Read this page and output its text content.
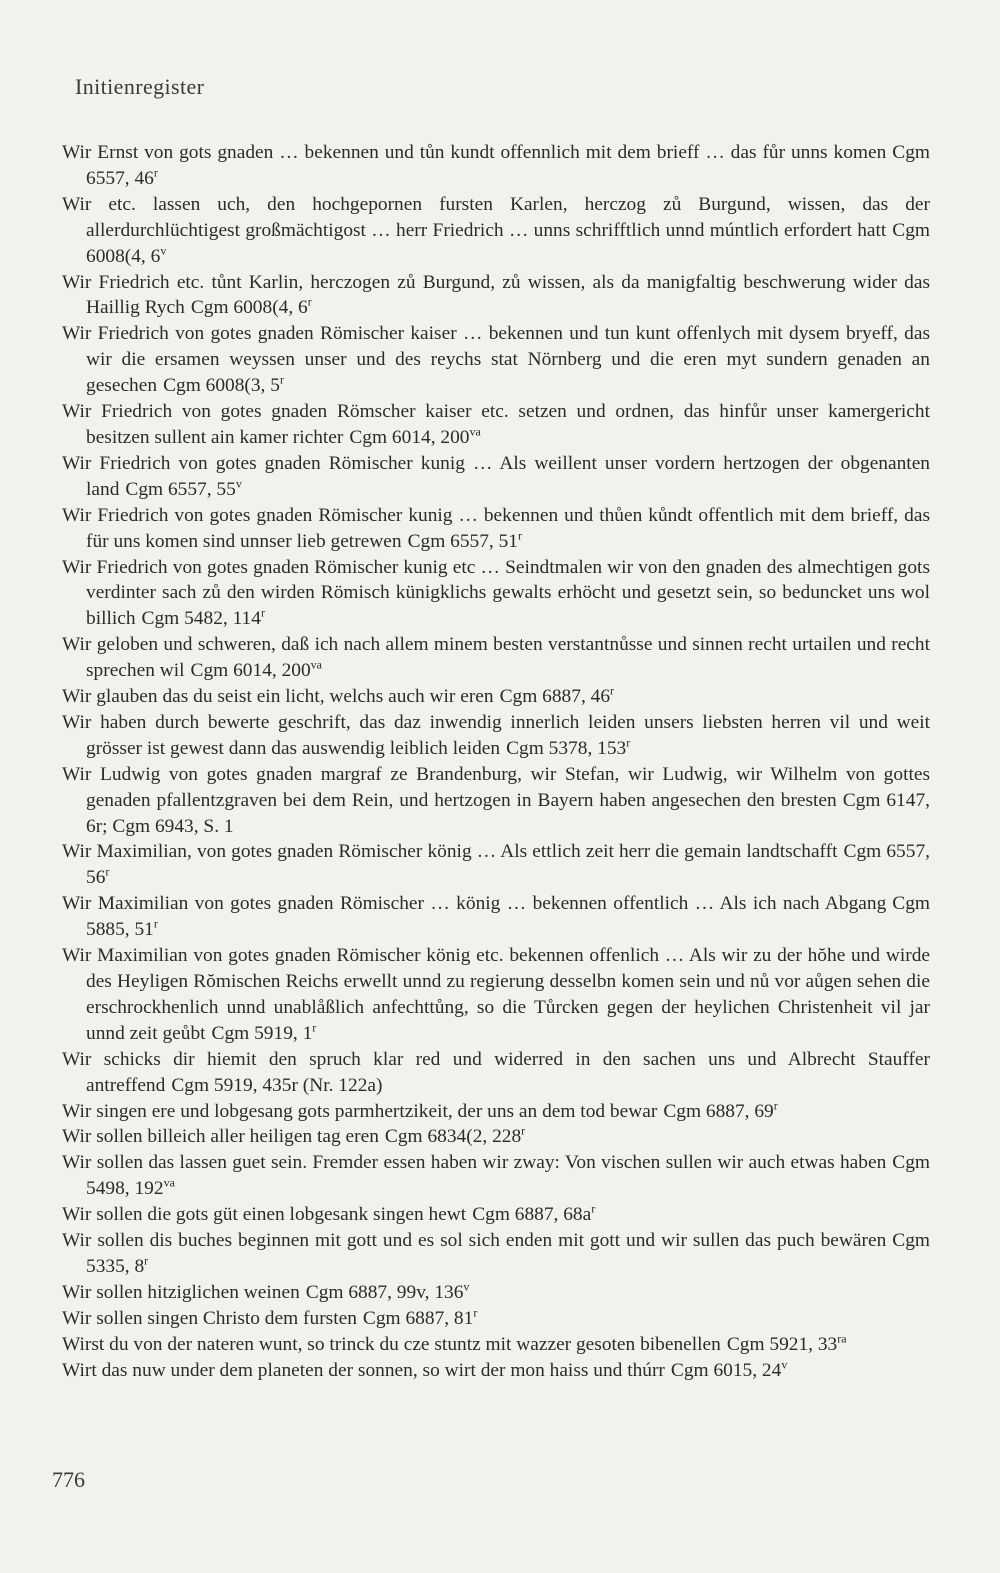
Initienregister

Wir Ernst von gots gnaden … bekennen und tůn kundt offennlich mit dem brieff … das fůr unns komen Cgm 6557, 46$^r$

Wir etc. lassen uch, den hochgepornen fursten Karlen, herczog zů Burgund, wissen, das der allerdurchlüchtigest großmächtigost … herr Friedrich … unns schrifftlich unnd múntlich erfordert hatt Cgm 6008(4, 6$^v$

Wir Friedrich etc. tůnt Karlin, herczogen zů Burgund, zů wissen, als da manigfaltig beschwerung wider das Haillig Rych Cgm 6008(4, 6$^r$

Wir Friedrich von gotes gnaden Römischer kaiser … bekennen und tun kunt offenlych mit dysem bryeff, das wir die ersamen weyssen unser und des reychs stat Nörnberg und die eren myt sundern genaden an gesechen Cgm 6008(3, 5$^r$

Wir Friedrich von gotes gnaden Römscher kaiser etc. setzen und ordnen, das hinfůr unser kamergericht besitzen sullent ain kamer richter Cgm 6014, $200^{va}$

Wir Friedrich von gotes gnaden Römischer kunig … Als weillent unser vordern hertzogen der obgenanten land Cgm 6557, 55$^v$

Wir Friedrich von gotes gnaden Römischer kunig … bekennen und thůen kůndt offentlich mit dem brieff, das für uns komen sind unnser lieb getrewen Cgm 6557, 51$^r$

Wir Friedrich von gotes gnaden Römischer kunig etc … Seindtmalen wir von den gnaden des almechtigen gots verdinter sach zů den wirden Römisch künigklichs gewalts erhöcht und gesetzt sein, so beduncket uns wol billich Cgm 5482, 114$^r$

Wir geloben und schweren, daß ich nach allem minem besten verstantnůsse und sinnen recht urtailen und recht sprechen wil Cgm 6014, $200^{va}$

Wir glauben das du seist ein licht, welchs auch wir eren Cgm 6887, 46$^r$

Wir haben durch bewerte geschrift, das daz inwendig innerlich leiden unsers liebsten herren vil und weit grösser ist gewest dann das auswendig leiblich leiden Cgm 5378, 153$^r$

Wir Ludwig von gotes gnaden margraf ze Brandenburg, wir Stefan, wir Ludwig, wir Wilhelm von gottes genaden pfallentzgraven bei dem Rein, und hertzogen in Bayern haben angesechen den bresten Cgm 6147, 6r; Cgm 6943, S. 1

Wir Maximilian, von gotes gnaden Römischer könig … Als ettlich zeit herr die gemain landtschafft Cgm 6557, 56$^r$

Wir Maximilian von gotes gnaden Römischer … könig … bekennen offentlich … Als ich nach Abgang Cgm 5885, 51$^r$

Wir Maximilian von gotes gnaden Römischer könig etc. bekennen offenlich … Als wir zu der hŏhe und wirde des Heyligen Rŏmischen Reichs erwellt unnd zu regierung desselbn komen sein und nů vor aůgen sehen die erschrockhenlich unnd unablåßlich anfechttůng, so die Tůrcken gegen der heylichen Christenheit vil jar unnd zeit geůbt Cgm 5919, 1$^r$

Wir schicks dir hiemit den spruch klar red und widerred in den sachen uns und Albrecht Stauffer antreffend Cgm 5919, 435r (Nr. 122a)

Wir singen ere und lobgesang gots parmhertzikeit, der uns an dem tod bewar Cgm 6887, 69$^r$

Wir sollen billeich aller heiligen tag eren Cgm 6834(2, 228$^r$

Wir sollen das lassen guet sein. Fremder essen haben wir zway: Von vischen sullen wir auch etwas haben Cgm 5498, $192^{va}$

Wir sollen die gots güt einen lobgesank singen hewt Cgm 6887, $68a^r$

Wir sollen dis buches beginnen mit gott und es sol sich enden mit gott und wir sullen das puch bewären Cgm 5335, 8$^r$

Wir sollen hitziglichen weinen Cgm 6887, 99v, 136$^v$

Wir sollen singen Christo dem fursten Cgm 6887, 81$^r$

Wirst du von der nateren wunt, so trinck du cze stuntz mit wazzer gesoten bibenellen Cgm 5921, $33^{ra}$

Wirt das nuw under dem planeten der sonnen, so wirt der mon haiss und thúrr Cgm 6015, 24$^v$

776
